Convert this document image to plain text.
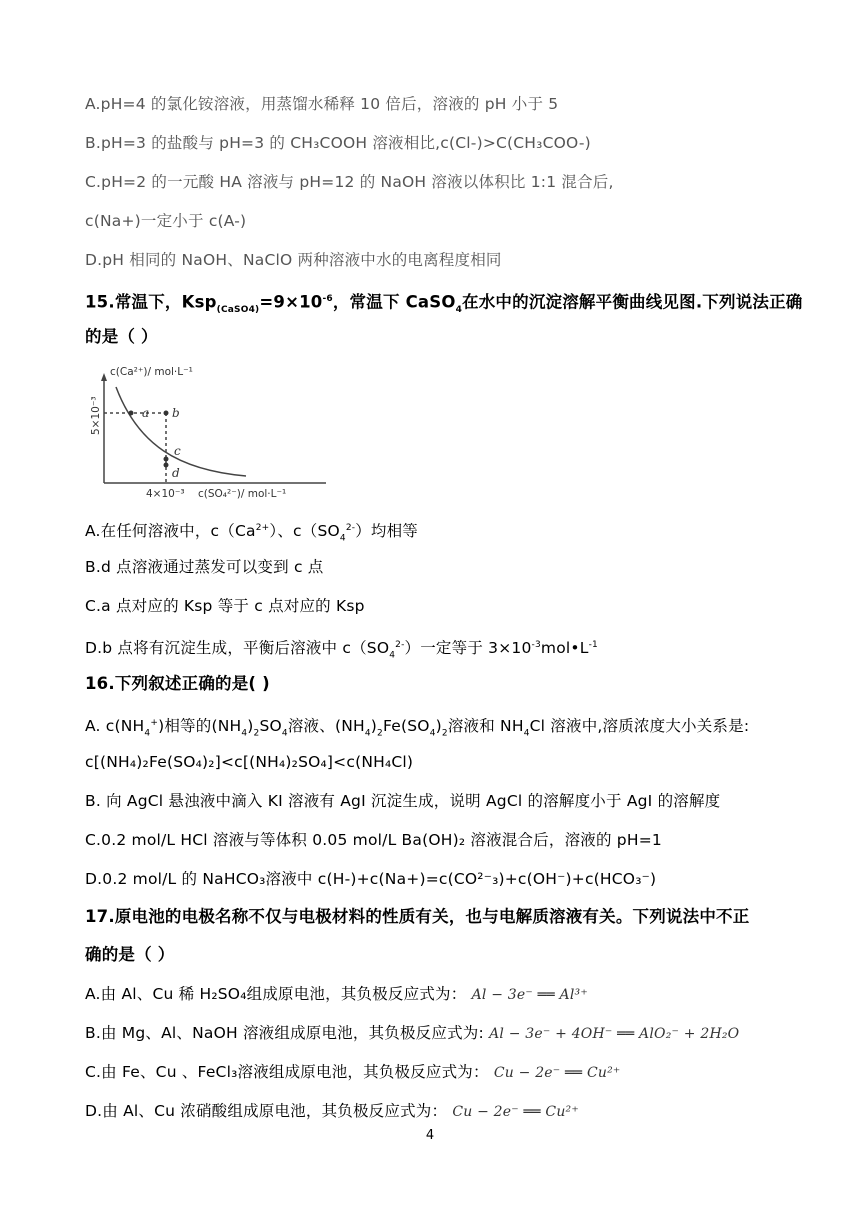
A.pH=4 的氯化铵溶液，用蒸馏水稀释 10 倍后，溶液的 pH 小于 5
B.pH=3 的盐酸与 pH=3 的 CH₃COOH 溶液相比,c(Cl-)>C(CH₃COO-)
C.pH=2 的一元酸 HA 溶液与 pH=12 的 NaOH 溶液以体积比 1:1 混合后,
c(Na+)一定小于 c(A-)
D.pH 相同的 NaOH、NaClO 两种溶液中水的电离程度相同
15.常温下，$Ksp_{(CaSO4)}=9\times 10^{-6}$，常温下 CaSO$_4$在水中的沉淀溶解平衡曲线见图.下列说法正确
的是（ ）
a b
c
d
c(Ca²⁺)/ mol·L⁻¹
c(SO₄²⁻)/ mol·L⁻¹
4×10⁻³
5×10⁻³
A.在任何溶液中，$c(Ca^{2+})$、$c(SO_4^{2-})$均相等
B.d 点溶液通过蒸发可以变到 c 点
C.a 点对应的 Ksp 等于 c 点对应的 Ksp
D.b 点将有沉淀生成，平衡后溶液中 $c(SO_4^{2-})$一定等于 $3\times 10^{-3}mol•L^{-1}$
16.下列叙述正确的是( )
A. $c(NH_4^+)$相等的$(NH_4)_2SO_4$溶液、$(NH_4)_2Fe(SO_4)_2$溶液和 $NH_4Cl$ 溶液中,溶质浓度大小关系是:
c[(NH₄)₂Fe(SO₄)₂]<c[(NH₄)₂SO₄]<c(NH₄Cl)
B. 向 AgCl 悬浊液中滴入 KI 溶液有 AgI 沉淀生成，说明 AgCl 的溶解度小于 AgI 的溶解度
C.0.2 mol/L HCl 溶液与等体积 0.05 mol/L Ba(OH)₂ 溶液混合后，溶液的 pH=1
D.0.2 mol/L 的 NaHCO₃溶液中 c(H-)+c(Na+)=c(CO²⁻₃)+c(OH⁻)+c(HCO₃⁻)
17.原电池的电极名称不仅与电极材料的性质有关，也与电解质溶液有关。下列说法中不正
确的是（ ）
A.由 Al、Cu 稀 H₂SO₄组成原电池，其负极反应式为： Al − 3e⁻ ══ Al³⁺
B.由 Mg、Al、NaOH 溶液组成原电池，其负极反应式为: Al − 3e⁻ + 4OH⁻ ══ AlO₂⁻ + 2H₂O
C.由 Fe、Cu 、FeCl₃溶液组成原电池，其负极反应式为： Cu − 2e⁻ ══ Cu²⁺
D.由 Al、Cu 浓硝酸组成原电池，其负极反应式为： Cu − 2e⁻ ══ Cu²⁺
4
